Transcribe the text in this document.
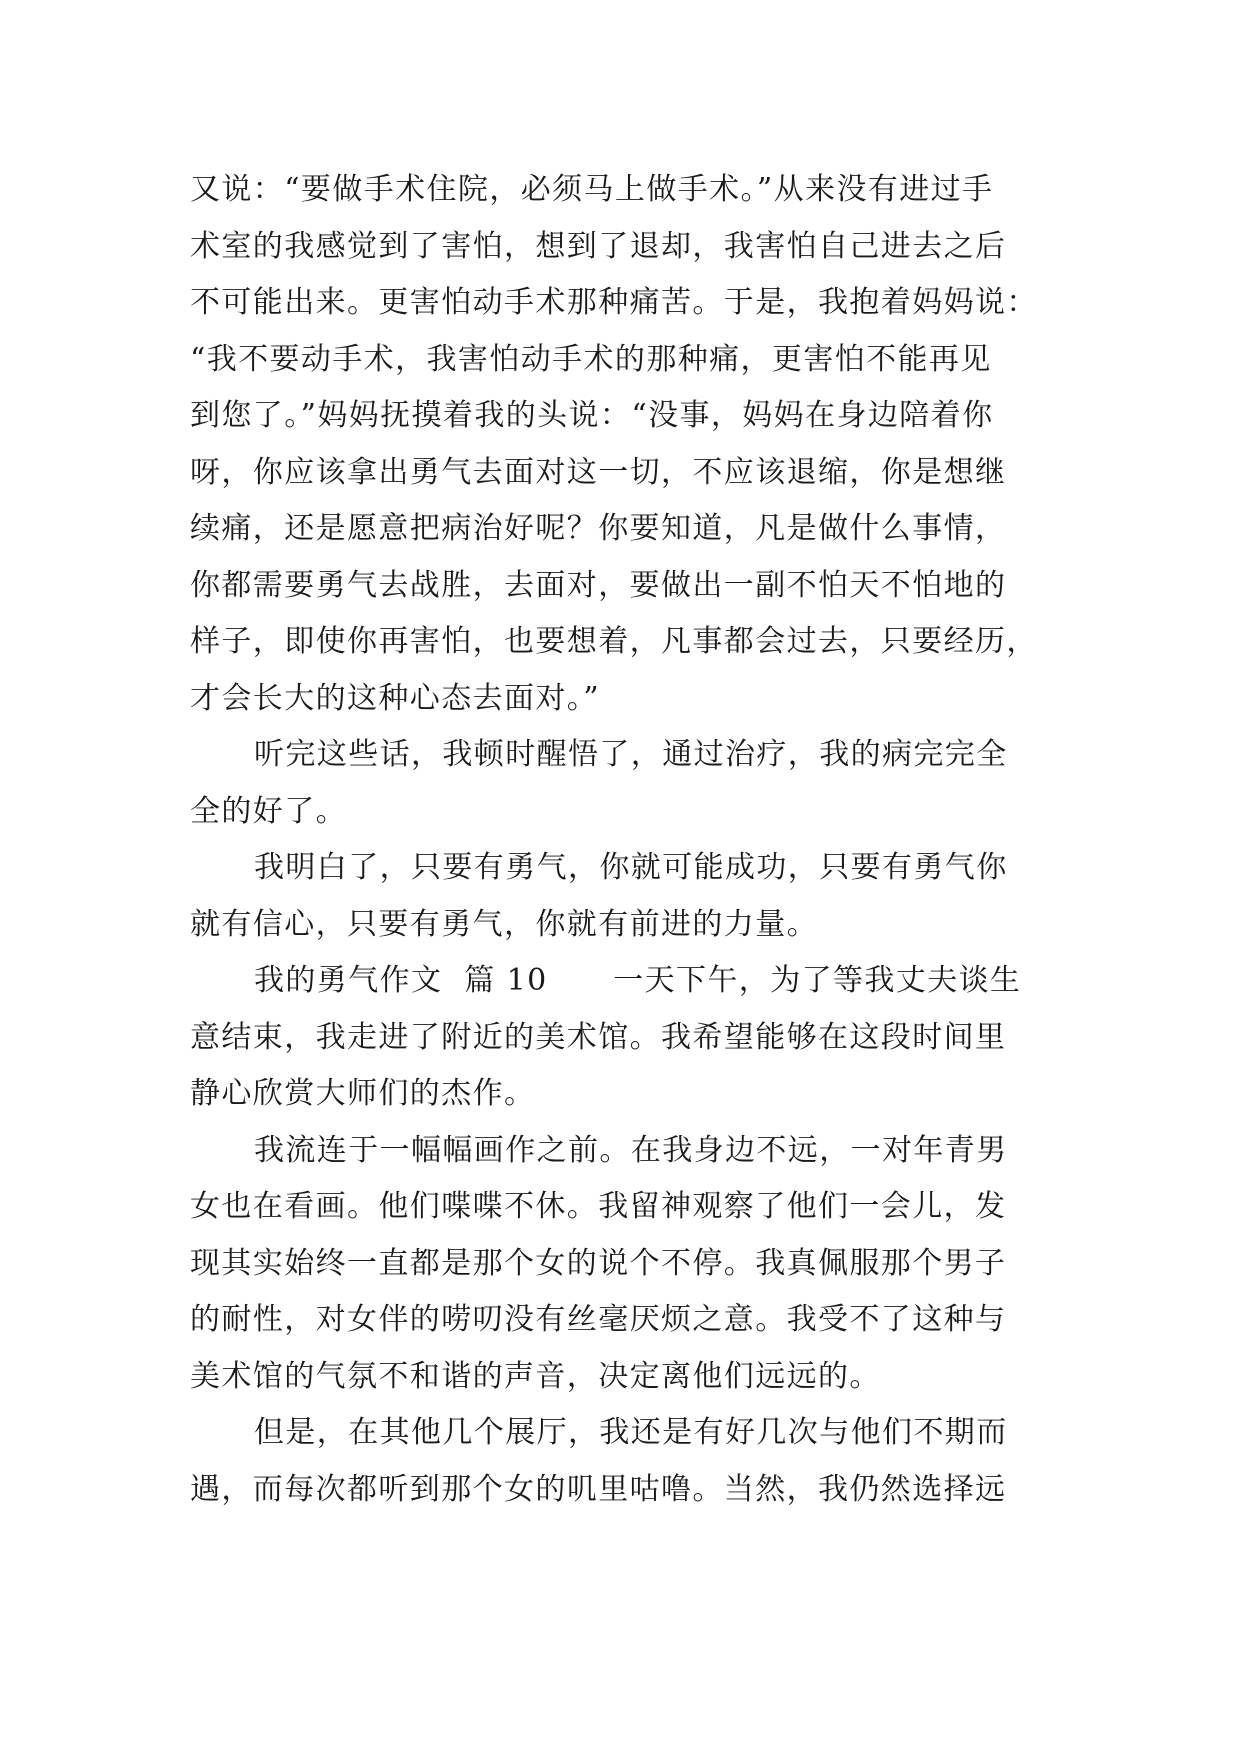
又说：“要做手术住院，必须马上做手术。”从来没有进过手
术室的我感觉到了害怕，想到了退却，我害怕自己进去之后
不可能出来。更害怕动手术那种痛苦。于是，我抱着妈妈说：
“我不要动手术，我害怕动手术的那种痛，更害怕不能再见
到您了。”妈妈抚摸着我的头说：“没事，妈妈在身边陪着你
呀，你应该拿出勇气去面对这一切，不应该退缩，你是想继
续痛，还是愿意把病治好呢？你要知道，凡是做什么事情，
你都需要勇气去战胜，去面对，要做出一副不怕天不怕地的
样子，即使你再害怕，也要想着，凡事都会过去，只要经历，
才会长大的这种心态去面对。”
听完这些话，我顿时醒悟了，通过治疗，我的病完完全
全的好了。
我明白了，只要有勇气，你就可能成功，只要有勇气你
就有信心，只要有勇气，你就有前进的力量。
我的勇气作文  篇 10      一天下午，为了等我丈夫谈生
意结束，我走进了附近的美术馆。我希望能够在这段时间里
静心欣赏大师们的杰作。
我流连于一幅幅画作之前。在我身边不远，一对年青男
女也在看画。他们喋喋不休。我留神观察了他们一会儿，发
现其实始终一直都是那个女的说个不停。我真佩服那个男子
的耐性，对女伴的唠叨没有丝毫厌烦之意。我受不了这种与
美术馆的气氛不和谐的声音，决定离他们远远的。
但是，在其他几个展厅，我还是有好几次与他们不期而
遇，而每次都听到那个女的叽里咕噜。当然，我仍然选择远
